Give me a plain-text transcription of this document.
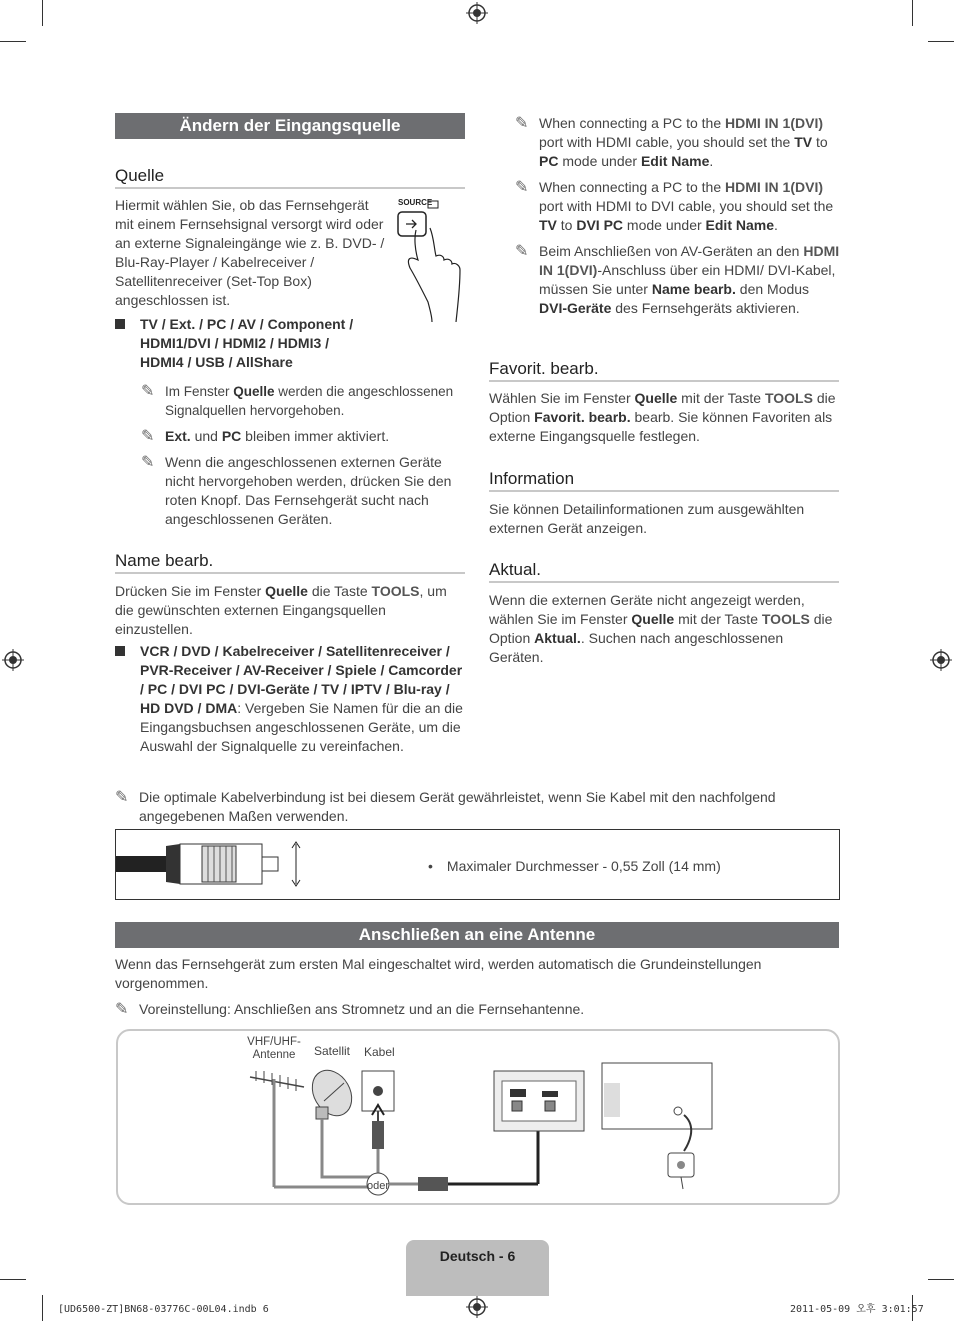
Ändern der Eingangsquelle
Quelle
Hiermit wählen Sie, ob das Fernsehgerät mit einem Fernsehsignal versorgt wird oder an externe Signaleingänge wie z. B. DVD- / Blu-Ray-Player / Kabelreceiver / Satellitenreceiver (Set-Top Box) angeschlossen ist.
SOURCE
TV / Ext. / PC / AV / Component / HDMI1/DVI / HDMI2 / HDMI3 / HDMI4 / USB / AllShare
✎ Im Fenster Quelle werden die angeschlossenen Signalquellen hervorgehoben.
✎ Ext. und PC bleiben immer aktiviert.
✎ Wenn die angeschlossenen externen Geräte nicht hervorgehoben werden, drücken Sie den roten Knopf. Das Fernsehgerät sucht nach angeschlossenen Geräten.
Name bearb.
Drücken Sie im Fenster Quelle die Taste TOOLS, um die gewünschten externen Eingangsquellen einzustellen.
VCR / DVD / Kabelreceiver / Satellitenreceiver / PVR-Receiver / AV-Receiver / Spiele / Camcorder / PC / DVI PC / DVI-Geräte / TV / IPTV / Blu-ray / HD DVD / DMA: Vergeben Sie Namen für die an die Eingangsbuchsen angeschlossenen Geräte, um die Auswahl der Signalquelle zu vereinfachen.
✎ When connecting a PC to the HDMI IN 1(DVI) port with HDMI cable, you should set the TV to PC mode under Edit Name.
✎ When connecting a PC to the HDMI IN 1(DVI) port with HDMI to DVI cable, you should set the TV to DVI PC mode under Edit Name.
✎ Beim Anschließen von AV-Geräten an den HDMI IN 1(DVI)-Anschluss über ein HDMI/ DVI-Kabel, müssen Sie unter Name bearb. den Modus DVI-Geräte des Fernsehgeräts aktivieren.
Favorit. bearb.
Wählen Sie im Fenster Quelle mit der Taste TOOLS die Option Favorit. bearb. bearb. Sie können Favoriten als externe Eingangsquelle festlegen.
Information
Sie können Detailinformationen zum ausgewählten externen Gerät anzeigen.
Aktual.
Wenn die externen Geräte nicht angezeigt werden, wählen Sie im Fenster Quelle mit der Taste TOOLS die Option Aktual.. Suchen nach angeschlossenen Geräten.
✎ Die optimale Kabelverbindung ist bei diesem Gerät gewährleistet, wenn Sie Kabel mit den nachfolgend angegebenen Maßen verwenden.
• Maximaler Durchmesser - 0,55 Zoll (14 mm)
Anschließen an eine Antenne
Wenn das Fernsehgerät zum ersten Mal eingeschaltet wird, werden automatisch die Grundeinstellungen vorgenommen.
✎ Voreinstellung: Anschließen ans Stromnetz und an die Fernsehantenne.
VHF/UHF-
Antenne	Satellit Kabel
oder
Deutsch - 6
[UD6500-ZT]BN68-03776C-00L04.indb 6	2011-05-09 오후 3:01:57
